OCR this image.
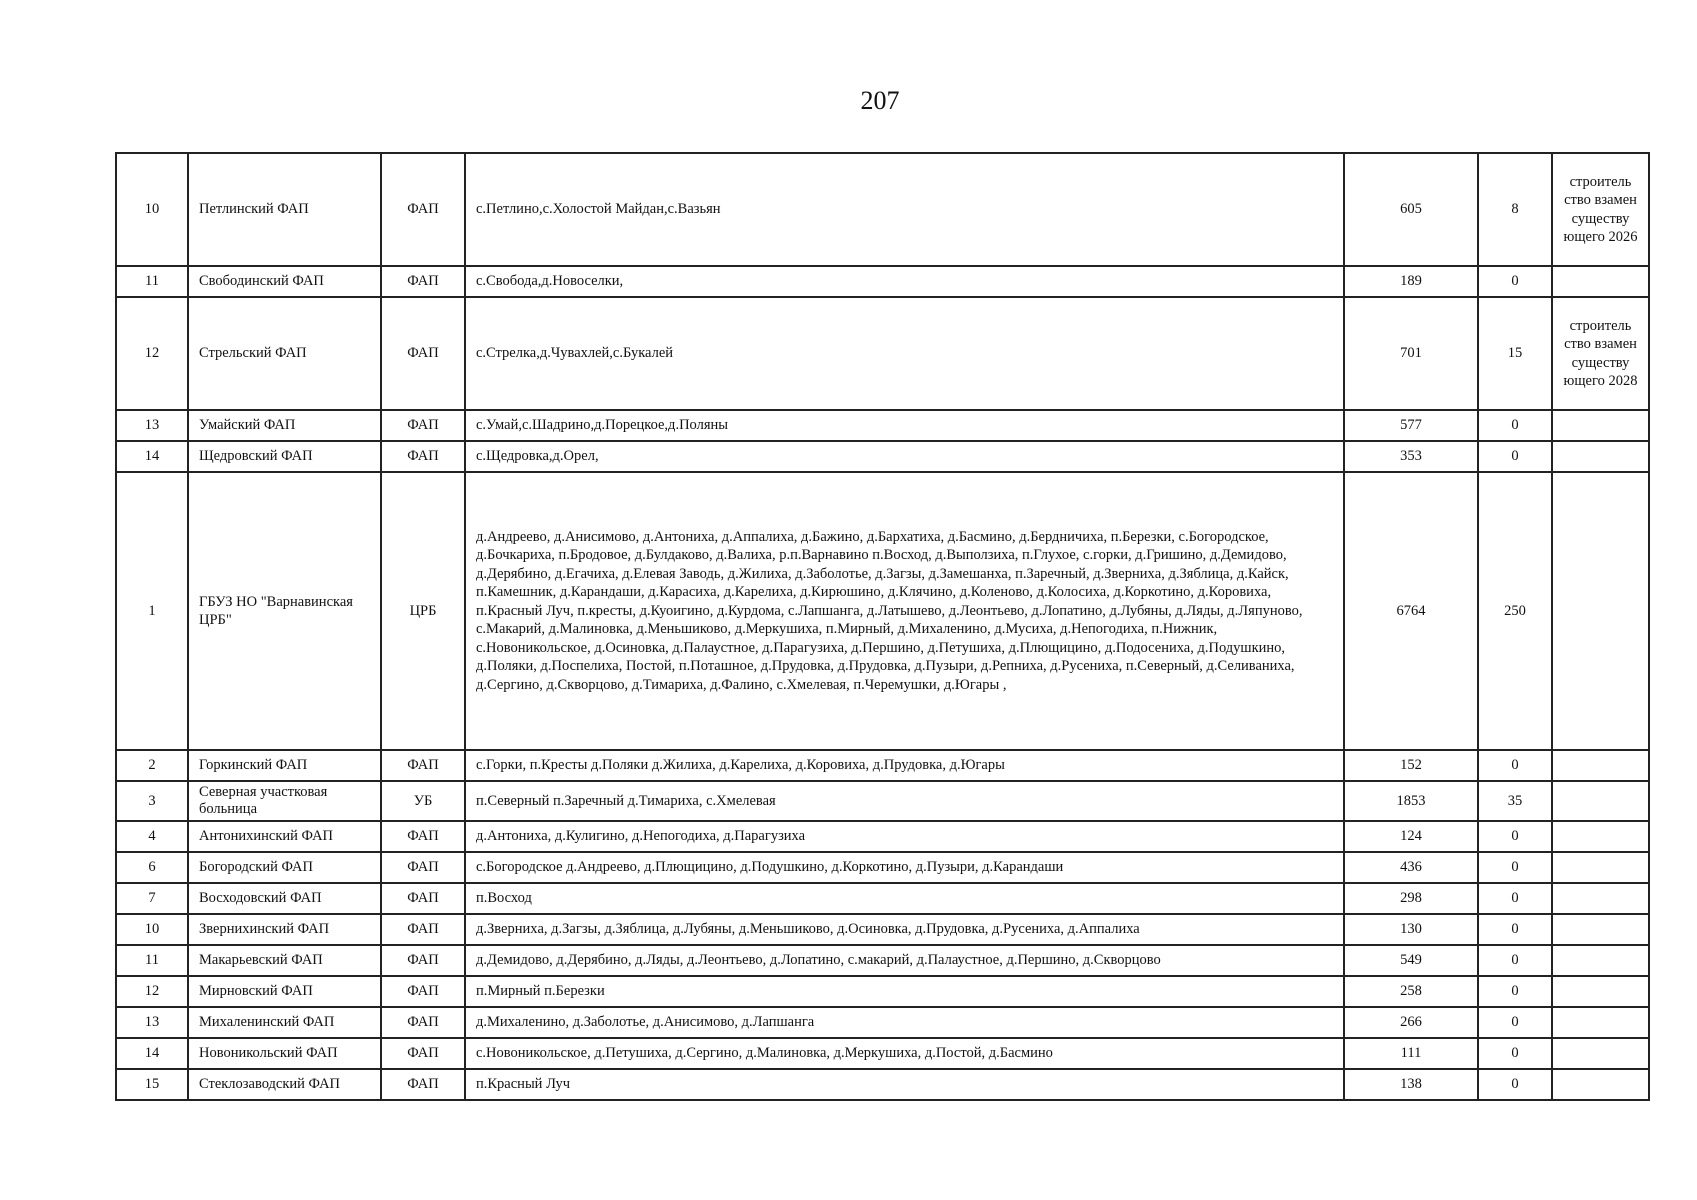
207
10	Петлинский ФАП	ФАП	с.Петлино,с.Холостой Майдан,с.Вазьян	605	8	строитель ство взамен существу ющего 2026
11	Свободинский ФАП	ФАП	с.Свобода,д.Новоселки,	189	0	
12	Стрельский ФАП	ФАП	с.Стрелка,д.Чувахлей,с.Букалей	701	15	строитель ство взамен существу ющего 2028
13	Умайский ФАП	ФАП	с.Умай,с.Шадрино,д.Порецкое,д.Поляны	577	0	
14	Щедровский ФАП	ФАП	с.Щедровка,д.Орел,	353	0	
1	ГБУЗ НО "Варнавинская ЦРБ"	ЦРБ	д.Андреево, д.Анисимово, д.Антониха, д.Аппалиха, д.Бажино, д.Бархатиха, д.Басмино, д.Бердничиха, п.Березки, с.Богородское, д.Бочкариха, п.Бродовое, д.Булдаково, д.Валиха, р.п.Варнавино п.Восход, д.Выползиха, п.Глухое, с.горки, д.Гришино, д.Демидово, д.Дерябино, д.Егачиха, д.Елевая Заводь, д.Жилиха, д.Заболотье, д.Загзы, д.Замешанха, п.Заречный, д.Звернихa, д.Зяблица, д.Кайск, п.Камешник, д.Карандаши, д.Карасиха, д.Карелиха, д.Кирюшино, д.Клячино, д.Коленово, д.Колосиха, д.Коркотино, д.Коровиха, п.Красный Луч, п.кресты, д.Куоигино, д.Курдома, с.Лапшанга, д.Латышево, д.Леонтьево, д.Лопатино, д.Лубяны, д.Ляды, д.Ляпуново, с.Макарий, д.Малиновка, д.Меньшиково, д.Меркушиха, п.Мирный, д.Михаленино, д.Мусиха, д.Непогодиха, п.Нижник, с.Новоникольское, д.Осиновка, д.Палаустное, д.Парагузиха, д.Першино, д.Петушиха, д.Плющицино, д.Подосениха, д.Подушкино, д.Поляки, д.Поспелиха, Постой, п.Поташное, д.Прудовка, д.Прудовка, д.Пузыри, д.Репниха, д.Русениха, п.Северный, д.Селиваниха, д.Сергино, д.Скворцово, д.Тимариха, д.Фалино, с.Хмелевая, п.Черемушки, д.Югары ,	6764	250	
2	Горкинский ФАП	ФАП	с.Горки, п.Кресты д.Поляки д.Жилиха, д.Карелиха, д.Коровиха, д.Прудовка, д.Югары	152	0	
3	Северная участковая больница	УБ	п.Северный п.Заречный д.Тимариха, с.Хмелевая	1853	35	
4	Антонихинский ФАП	ФАП	д.Антониха, д.Кулигино, д.Непогодиха, д.Парагузиха	124	0	
6	Богородский ФАП	ФАП	с.Богородское д.Андреево, д.Плющицино, д.Подушкино, д.Коркотино, д.Пузыри, д.Карандаши	436	0	
7	Восходовский ФАП	ФАП	п.Восход	298	0	
10	Звернихинский ФАП	ФАП	д.Звернихa, д.Загзы, д.Зяблица, д.Лубяны, д.Меньшиково, д.Осиновка, д.Прудовка, д.Русениха, д.Аппалиха	130	0	
11	Макарьевский ФАП	ФАП	д.Демидово, д.Дерябино, д.Ляды, д.Леонтьево, д.Лопатино, с.макарий, д.Палаустное, д.Першино, д.Скворцово	549	0	
12	Мирновский ФАП	ФАП	п.Мирный п.Березки	258	0	
13	Михаленинский ФАП	ФАП	д.Михаленино, д.Заболотье, д.Анисимово, д.Лапшанга	266	0	
14	Новоникольский ФАП	ФАП	с.Новоникольское, д.Петушиха, д.Сергино, д.Малиновка, д.Меркушиха, д.Постой, д.Басмино	111	0	
15	Стеклозаводский ФАП	ФАП	п.Красный Луч	138	0	
